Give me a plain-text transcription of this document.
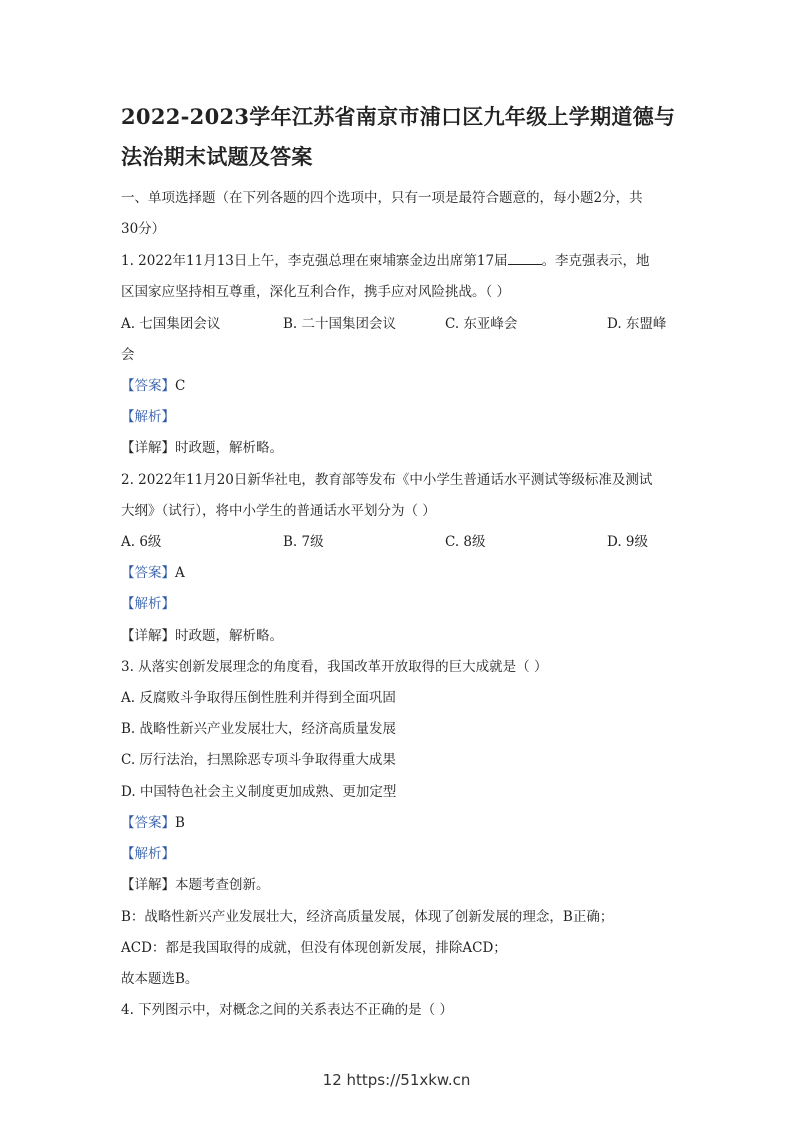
2022-2023学年江苏省南京市浦口区九年级上学期道德与法治期末试题及答案
一、单项选择题（在下列各题的四个选项中，只有一项是最符合题意的，每小题2分，共
30分）
1. 2022年11月13日上午，李克强总理在柬埔寨金边出席第17届	。李克强表示，地
区国家应坚持相互尊重，深化互利合作，携手应对风险挑战。（ ）
A. 七国集团会议	B. 二十国集团会议	C. 东亚峰会	D. 东盟峰
会
【答案】C
【解析】
【详解】时政题，解析略。
2. 2022年11月20日新华社电，教育部等发布《中小学生普通话水平测试等级标准及测试
大纲》（试行），将中小学生的普通话水平划分为（ ）
A. 6级	B. 7级	C. 8级	D. 9级
【答案】A
【解析】
【详解】时政题，解析略。
3. 从落实创新发展理念的角度看，我国改革开放取得的巨大成就是（ ）
A. 反腐败斗争取得压倒性胜利并得到全面巩固
B. 战略性新兴产业发展壮大，经济高质量发展
C. 厉行法治，扫黑除恶专项斗争取得重大成果
D. 中国特色社会主义制度更加成熟、更加定型
【答案】B
【解析】
【详解】本题考查创新。
B：战略性新兴产业发展壮大，经济高质量发展，体现了创新发展的理念，B正确；
ACD：都是我国取得的成就，但没有体现创新发展，排除ACD；
故本题选B。
4. 下列图示中，对概念之间的关系表达不正确的是（ ）
12 https://51xkw.cn
